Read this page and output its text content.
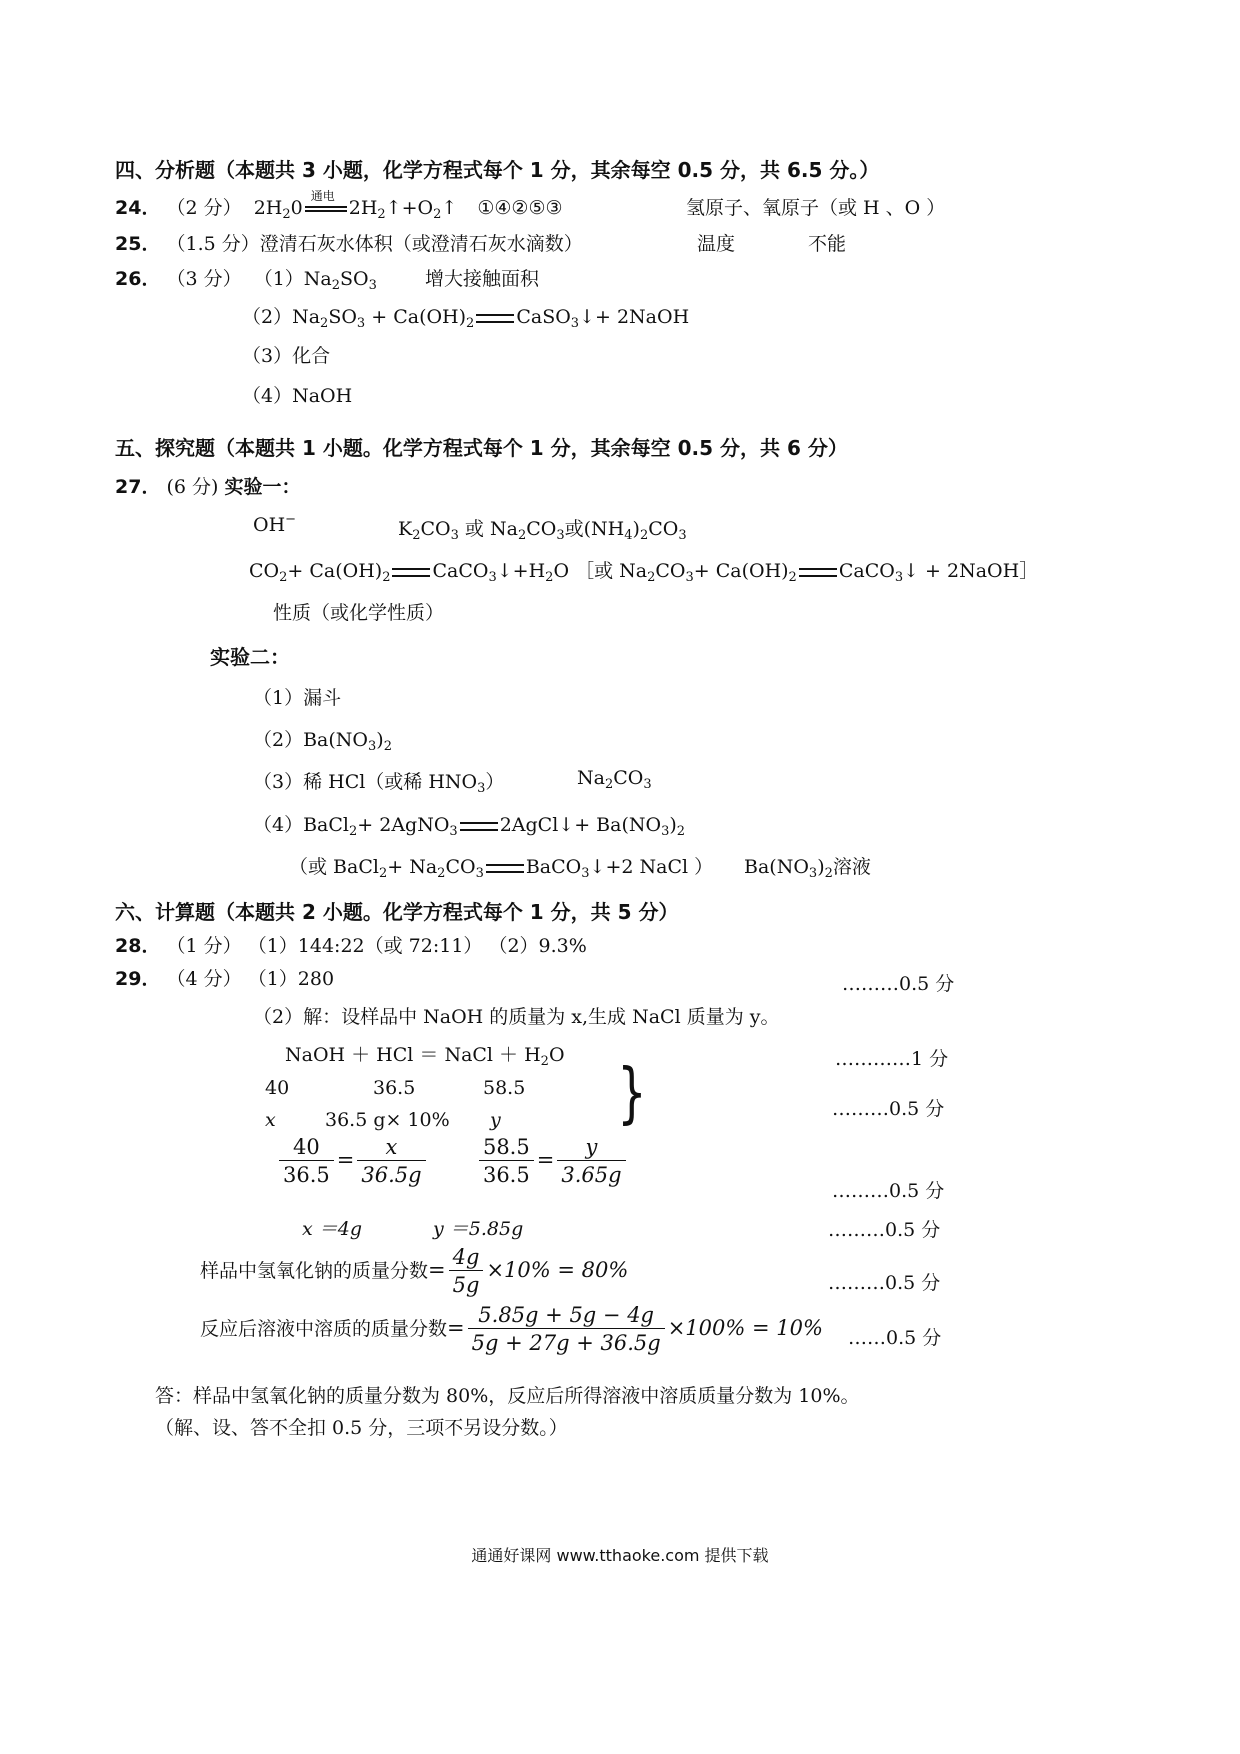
四、分析题（本题共 3 小题，化学方程式每个 1 分，其余每空 0.5 分，共 6.5 分。）
24． （2 分） $2H_20$
通电
$2H_2↑+O_2↑$ ①④②⑤③	氢原子、氧原子（或 H 、O ）
25． （1.5 分）澄清石灰水体积（或澄清石灰水滴数）	温度	不能
26． （3 分） $(1)Na_2SO_3$	增大接触面积
$(2)Na_2SO_3 + Ca(OH)_2$ CaSO$_3$↓+ 2NaOH
（3）化合
（4）NaOH
五、探究题（本题共 1 小题。化学方程式每个 1 分，其余每空 0.5 分，共 6 分）
27． (6 分) 实验一：
OH−	$K_2CO_3$ 或 $Na_2CO_3$或$(NH_4)_2CO_3$
$CO_2+ Ca(OH)_2$ $CaCO_3↓+H_2O$ ［或 $Na_2CO_3+ Ca(OH)_2$ CaCO$_3$↓ + 2NaOH］
性质（或化学性质）
实验二：
（1）漏斗
$(2)Ba(NO_3)_2$
（3）稀 HCl（或稀 $HNO_3$）	$Na_2CO_3$
（4）BaCl$_2$+ 2AgNO$_3$ 2AgCl↓+ $Ba(NO_3)_2$
（或 BaCl$_2$+ $Na_2CO_3$ BaCO$_3$↓+2 NaCl ） $Ba(NO_3)_2$溶液
六、计算题（本题共 2 小题。化学方程式每个 1 分，共 5 分）
28． （1 分） （1）144:22（或 72:11） （2）9.3%
29． （4 分） （1）280	………0.5 分
（2）解：设样品中 NaOH 的质量为 x,生成 NaCl 质量为 y。
NaOH ＋ HCl ＝ NaCl ＋ $H_2O$	…………1 分
40	36.5	58.5
x	36.5 g× 10% y }	………0.5 分
$\frac{40}{36.5} = \frac{x}{36.5g}$
	$\frac{58.5}{36.5} = \frac{y}{3.65g}$
………0.5 分
x ＝4g	y ＝5.85g	………0.5 分
样品中氢氧化钠的质量分数= $\frac{4g}{5g} \times 10\% = 80\%$
………0.5 分
反应后溶液中溶质的质量分数= $\frac{5.85g + 5g - 4g}{5g + 27g + 36.5g} \times 100\% = 10\%$ ……0.5 分
答：样品中氢氧化钠的质量分数为 80%，反应后所得溶液中溶质质量分数为 10%。
（解、设、答不全扣 0.5 分，三项不另设分数。）
通通好课网 www.tthaoke.com 提供下载
